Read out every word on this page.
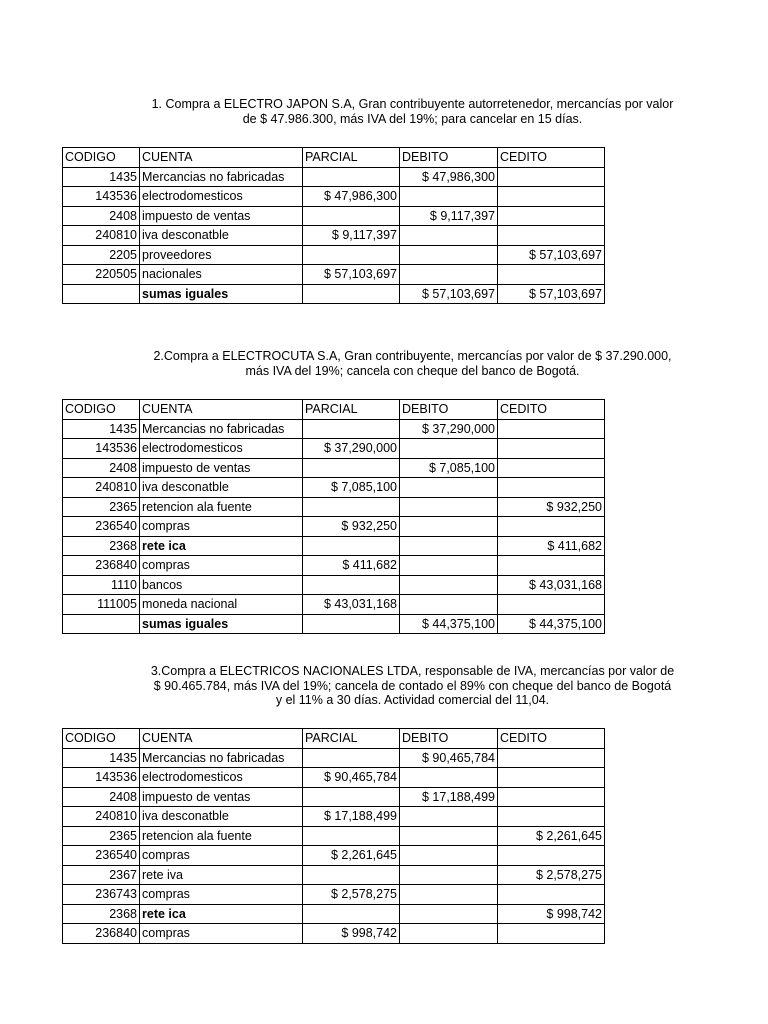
1. Compra a ELECTRO JAPON S.A, Gran contribuyente autorretenedor, mercancías por valor de $ 47.986.300, más IVA del 19%; para cancelar en 15 días.
CODIGO	CUENTA	PARCIAL	DEBITO	CEDITO
1435	Mercancias no fabricadas		$ 47,986,300	
143536	electrodomesticos	$ 47,986,300		
2408	impuesto de ventas		$ 9,117,397	
240810	iva desconatble	$ 9,117,397		
2205	proveedores			$ 57,103,697
220505	nacionales	$ 57,103,697		
	sumas iguales		$ 57,103,697	$ 57,103,697
2.Compra a ELECTROCUTA S.A, Gran contribuyente, mercancías por valor de $ 37.290.000, más IVA del 19%; cancela con cheque del banco de Bogotá.
CODIGO	CUENTA	PARCIAL	DEBITO	CEDITO
1435	Mercancias no fabricadas		$ 37,290,000	
143536	electrodomesticos	$ 37,290,000		
2408	impuesto de ventas		$ 7,085,100	
240810	iva desconatble	$ 7,085,100		
2365	retencion ala fuente			$ 932,250
236540	compras	$ 932,250		
2368	rete ica			$ 411,682
236840	compras	$ 411,682		
1110	bancos			$ 43,031,168
111005	moneda nacional	$ 43,031,168		
	sumas iguales		$ 44,375,100	$ 44,375,100
3.Compra a ELECTRICOS NACIONALES LTDA, responsable de IVA, mercancías por valor de $ 90.465.784, más IVA del 19%; cancela de contado el 89% con cheque del banco de Bogotá y el 11% a 30 días. Actividad comercial del 11,04.
CODIGO	CUENTA	PARCIAL	DEBITO	CEDITO
1435	Mercancias no fabricadas		$ 90,465,784	
143536	electrodomesticos	$ 90,465,784		
2408	impuesto de ventas		$ 17,188,499	
240810	iva desconatble	$ 17,188,499		
2365	retencion ala fuente			$ 2,261,645
236540	compras	$ 2,261,645		
2367	rete iva			$ 2,578,275
236743	compras	$ 2,578,275		
2368	rete ica			$ 998,742
236840	compras	$ 998,742		
